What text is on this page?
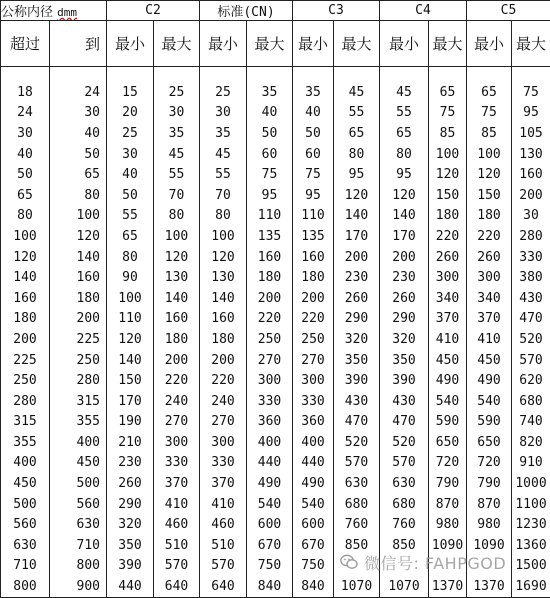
公称内径 dmm		C2		标准(CN)		C3		C4		C5	
超过	到	最小	最大	最小	最大	最小	最大	最小	最大	最小	最大

18	24	15	25	25	35	35	45	45	65	65	75
24	30	20	30	30	40	40	55	55	75	75	95
30	40	25	35	35	50	50	65	65	85	85	105
40	50	30	45	45	60	60	80	80	100	100	130
50	65	40	55	55	75	75	95	95	120	120	160
65	80	50	70	70	95	95	120	120	150	150	200
80	100	55	80	80	110	110	140	140	180	180	30
100	120	65	100	100	135	135	170	170	220	220	280
120	140	80	120	120	160	160	200	200	260	260	330
140	160	90	130	130	180	180	230	230	300	300	380
160	180	100	140	140	200	200	260	260	340	340	430
180	200	110	160	160	220	220	290	290	370	370	470
200	225	120	180	180	250	250	320	320	410	410	520
225	250	140	200	200	270	270	350	350	450	450	570
250	280	150	220	220	300	300	390	390	490	490	620
280	315	170	240	240	330	330	430	430	540	540	680
315	355	190	270	270	360	360	470	470	590	590	740
355	400	210	300	300	400	400	520	520	650	650	820
400	450	230	330	330	440	440	570	570	720	720	910
450	500	260	370	370	490	490	630	630	790	790	1000
500	560	290	410	410	540	540	680	680	870	870	1100
560	630	320	460	460	600	600	760	760	980	980	1230
630	710	350	510	510	670	670	850	850	1090	1090	1360
710	800	390	570	570	750	750					1500
800	900	440	640	640	840	840	1070	1070	1370	1370	1690
微信号: FAHPGOD
